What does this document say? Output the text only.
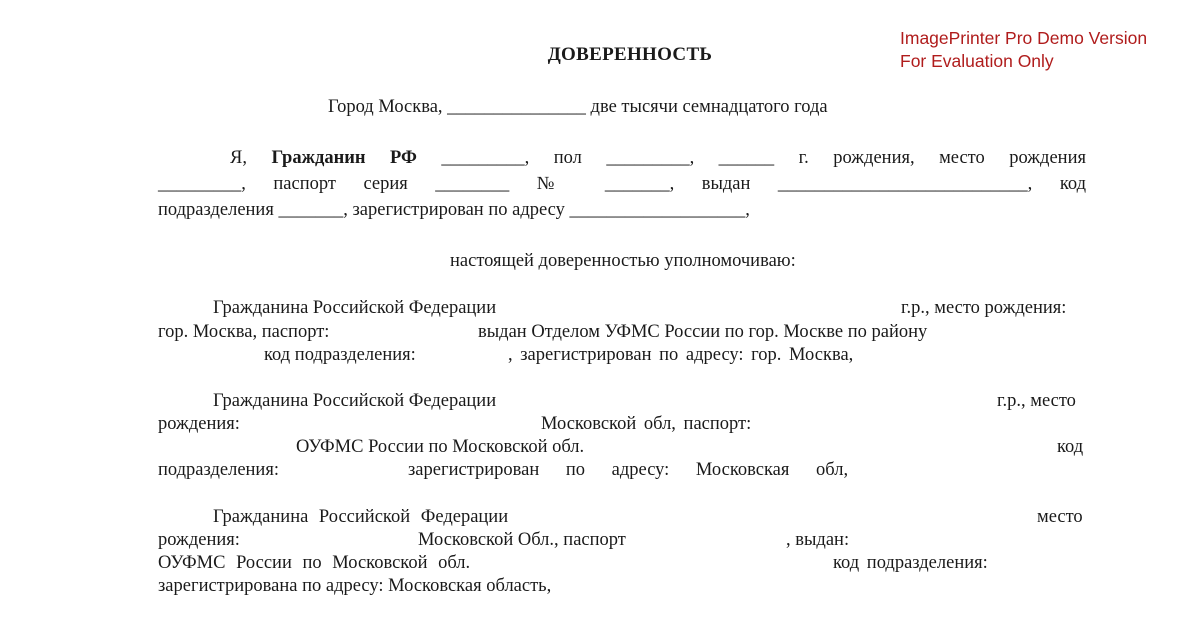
ImagePrinter Pro Demo Version
For Evaluation Only
ДОВЕРЕННОСТЬ
Город Москва, _______________ две тысячи семнадцатого года
Я, Гражданин РФ _________, пол _________, ______ г. рождения, место рождения
_________, паспорт серия ________ № _______, выдан ___________________________, код
подразделения _______, зарегистрирован по адресу ___________________,
настоящей доверенностью уполномочиваю:
Гражданина Российской Федерации	г.р., место рождения:
гор. Москва, паспорт:	выдан Отделом УФМС России по гор. Москве по району
код подразделения:	, зарегистрирован по адресу: гор. Москва,
Гражданина Российской Федерации	г.р., место
рождения:	Московской обл, паспорт:
ОУФМС России по Московской обл.	код
подразделения:	зарегистрирован по адресу: Московская обл,
Гражданина Российской Федерации	место
рождения:	Московской Обл., паспорт	, выдан:
ОУФМС России по Московской обл.	код подразделения:
зарегистрирована по адресу: Московская область,
